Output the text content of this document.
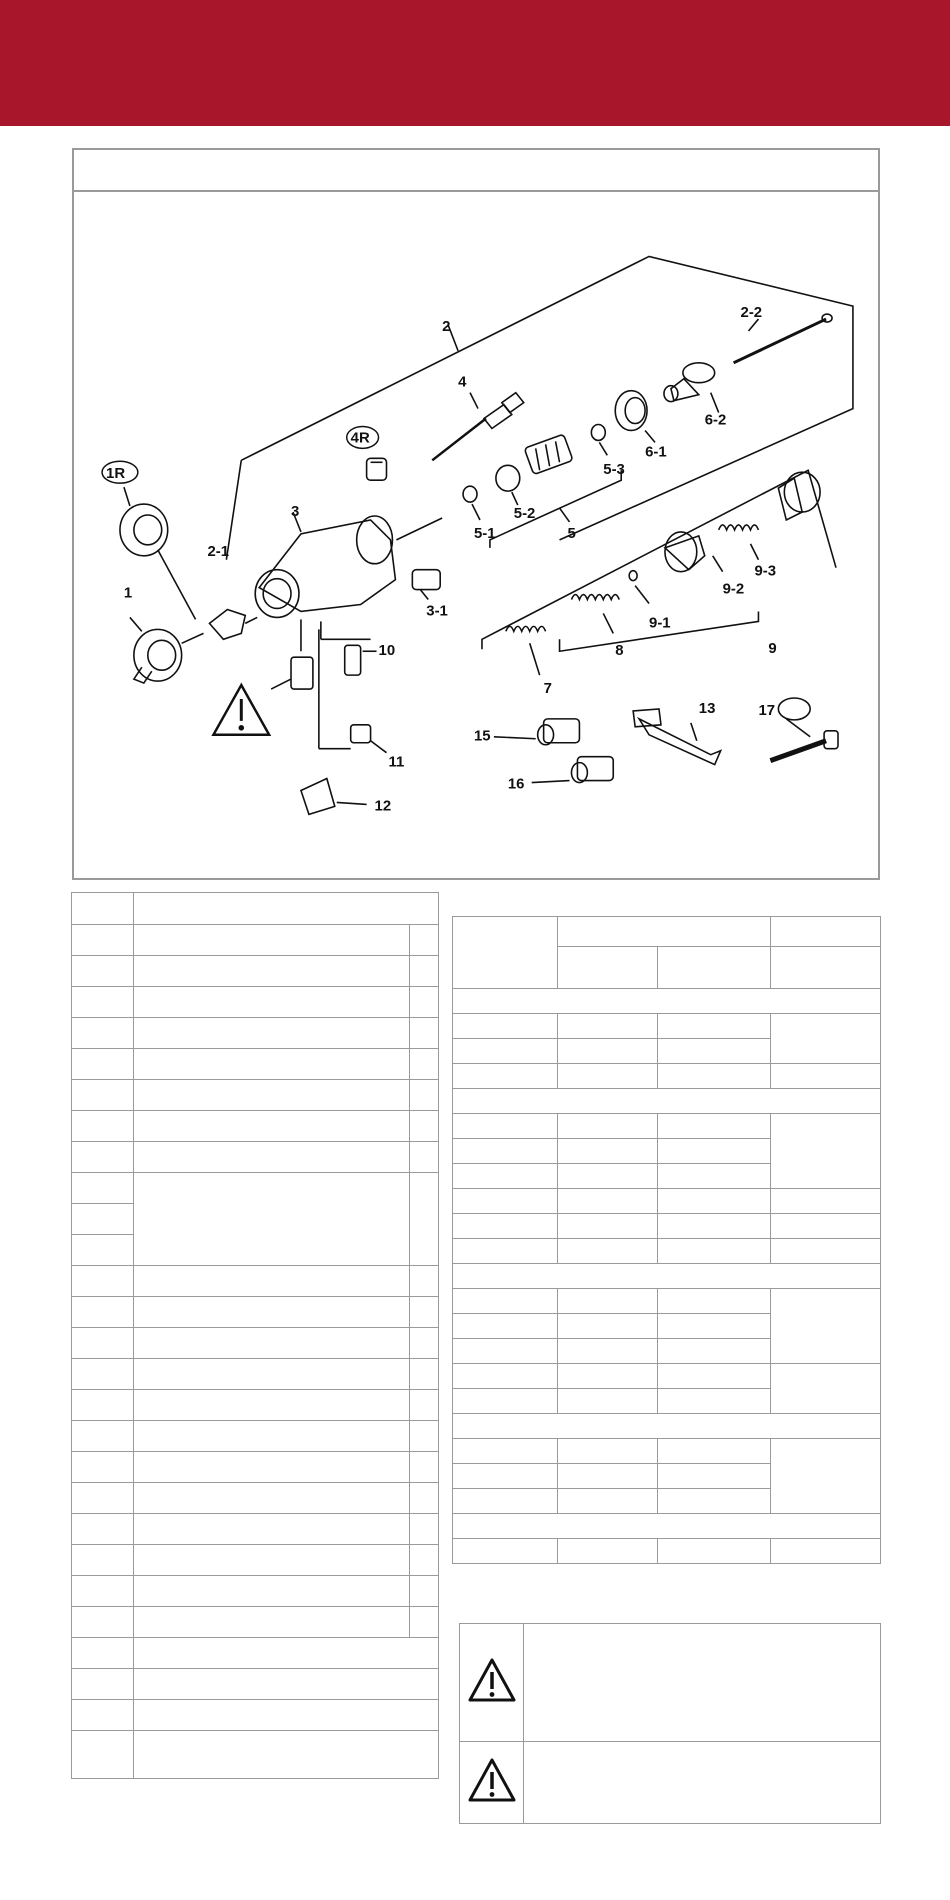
1R
1
2
2-1
2-2
3
3-1
4
4R
5
5-1
5-2
5-3
6-1
6-2
7
8	9
9-1
9-2
9-3
10
11
12
13
15
16
17
